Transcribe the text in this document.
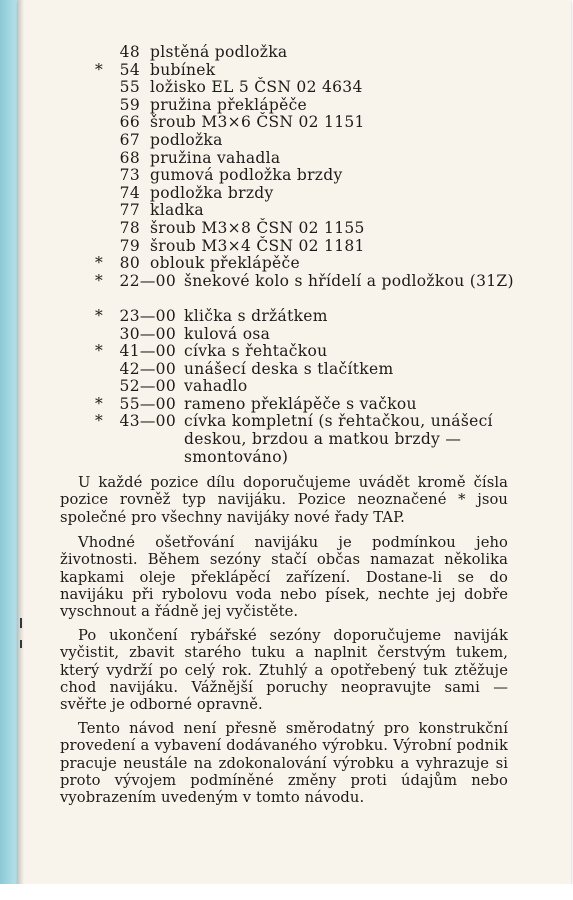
48 plstěná podložka
*	54 bubínek
55 ložisko EL 5 ČSN 02 4634
59 pružina překlápěče
66 šroub M3×6 ČSN 02 1151
67 podložka
68 pružina vahadla
73 gumová podložka brzdy
74 podložka brzdy
77 kladka
78 šroub M3×8 ČSN 02 1155
79 šroub M3×4 ČSN 02 1181
*	80 oblouk překlápěče
*	22—00 šnekové kolo s hřídelí a podložkou (31Z)
*	23—00 klička s držátkem
30—00 kulová osa
*	41—00 cívka s řehtačkou
42—00 unášecí deska s tlačítkem
52—00 vahadlo
*	55—00 rameno překlápěče s vačkou
*	43—00 cívka kompletní (s řehtačkou, unášecí deskou, brzdou a matkou brzdy — smontováno)
U každé pozice dílu doporučujeme uvádět kromě čísla pozice rovněž typ navijáku. Pozice neoznačené * jsou společné pro všechny navijáky nové řady TAP.
Vhodné ošetřování navijáku je podmínkou jeho životnosti. Během sezóny stačí občas namazat několika kapkami oleje překlápěcí zařízení. Dostane-li se do navijáku při rybolovu voda nebo písek, nechte jej dobře vyschnout a řádně jej vyčistěte.
Po ukončení rybářské sezóny doporučujeme naviják vyčistit, zbavit starého tuku a naplnit čerstvým tukem, který vydrží po celý rok. Ztuhlý a opotřebený tuk ztěžuje chod navijáku. Vážnější poruchy neopravujte sami — svěřte je odborné opravně.
Tento návod není přesně směrodatný pro konstrukční provedení a vybavení dodávaného výrobku. Výrobní podnik pracuje neustále na zdokonalování výrobku a vyhrazuje si proto vývojem podmíněné změny proti údajům nebo vyobrazením uvedeným v tomto návodu.
